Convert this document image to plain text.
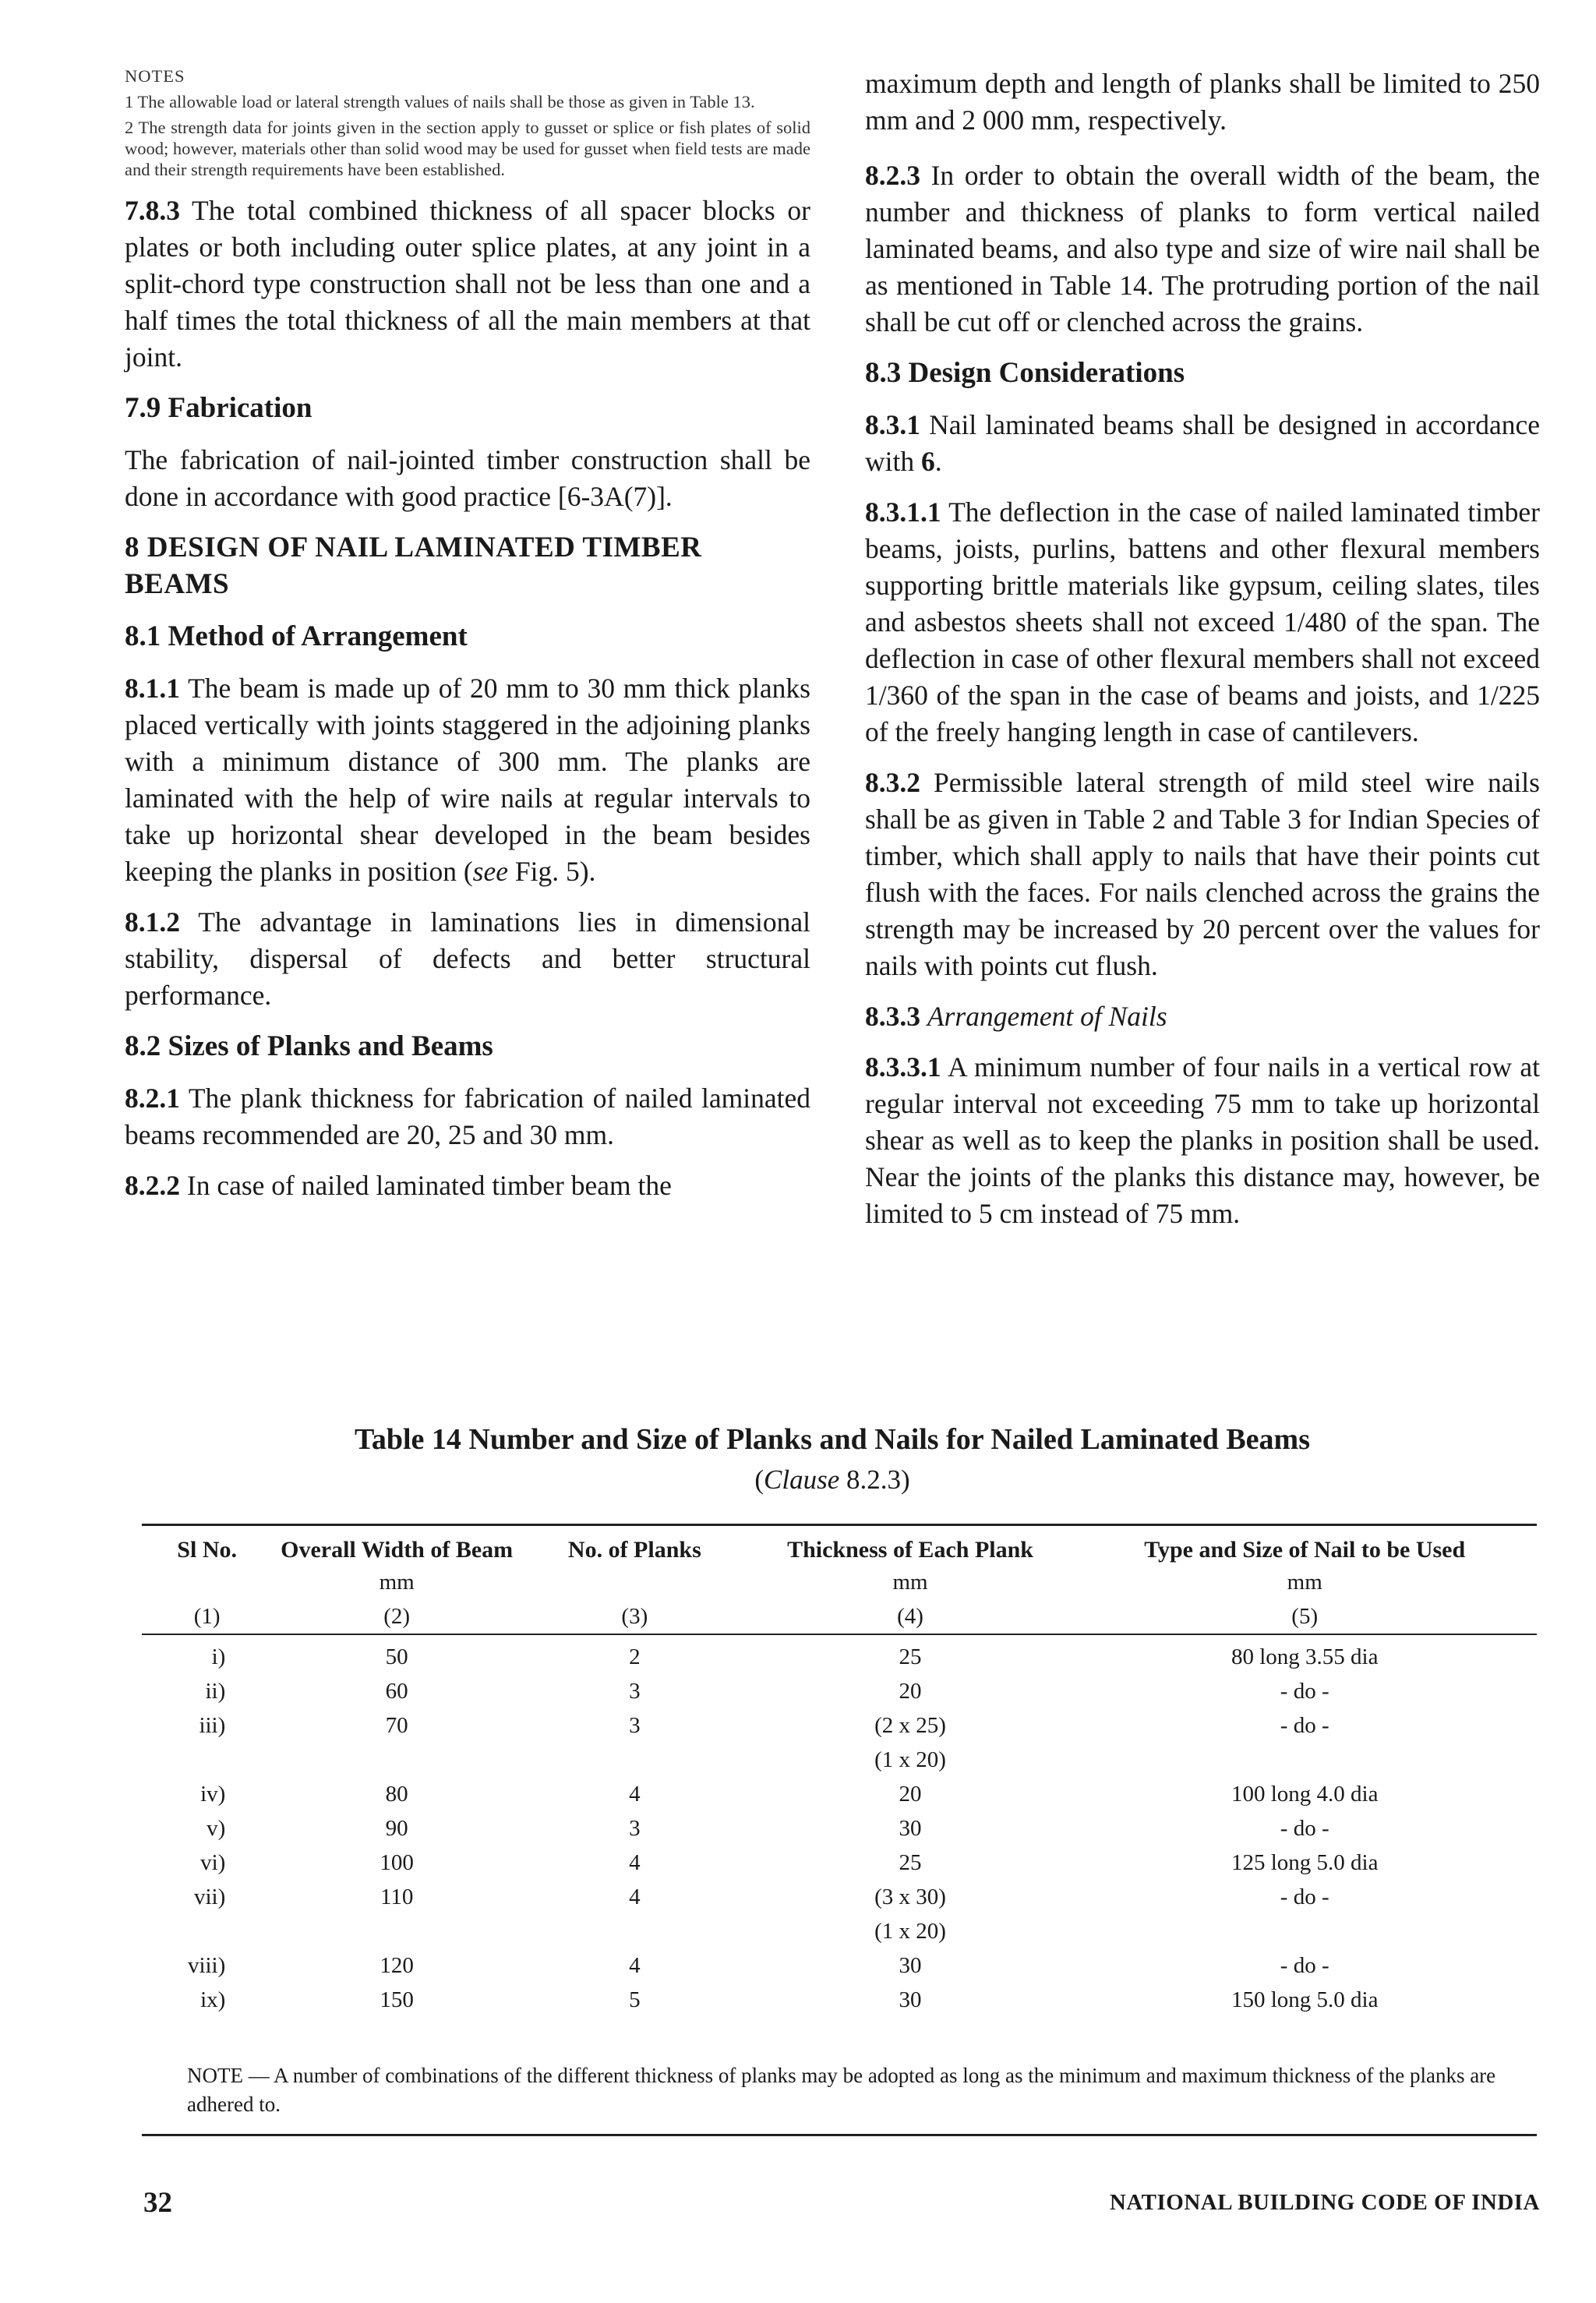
NOTES

1 The allowable load or lateral strength values of nails shall be those as given in Table 13.

2 The strength data for joints given in the section apply to gusset or splice or fish plates of solid wood; however, materials other than solid wood may be used for gusset when field tests are made and their strength requirements have been established.

7.8.3 The total combined thickness of all spacer blocks or plates or both including outer splice plates, at any joint in a split-chord type construction shall not be less than one and a half times the total thickness of all the main members at that joint.

7.9 Fabrication

The fabrication of nail-jointed timber construction shall be done in accordance with good practice [6-3A(7)].

8 DESIGN OF NAIL LAMINATED TIMBER BEAMS
8.1 Method of Arrangement

8.1.1 The beam is made up of 20 mm to 30 mm thick planks placed vertically with joints staggered in the adjoining planks with a minimum distance of 300 mm. The planks are laminated with the help of wire nails at regular intervals to take up horizontal shear developed in the beam besides keeping the planks in position (see Fig. 5).

8.1.2 The advantage in laminations lies in dimensional stability, dispersal of defects and better structural performance.

8.2 Sizes of Planks and Beams

8.2.1 The plank thickness for fabrication of nailed laminated beams recommended are 20, 25 and 30 mm.

8.2.2 In case of nailed laminated timber beam the

maximum depth and length of planks shall be limited to 250 mm and 2 000 mm, respectively.

8.2.3 In order to obtain the overall width of the beam, the number and thickness of planks to form vertical nailed laminated beams, and also type and size of wire nail shall be as mentioned in Table 14. The protruding portion of the nail shall be cut off or clenched across the grains.

8.3 Design Considerations

8.3.1 Nail laminated beams shall be designed in accordance with 6.

8.3.1.1 The deflection in the case of nailed laminated timber beams, joists, purlins, battens and other flexural members supporting brittle materials like gypsum, ceiling slates, tiles and asbestos sheets shall not exceed 1/480 of the span. The deflection in case of other flexural members shall not exceed 1/360 of the span in the case of beams and joists, and 1/225 of the freely hanging length in case of cantilevers.

8.3.2 Permissible lateral strength of mild steel wire nails shall be as given in Table 2 and Table 3 for Indian Species of timber, which shall apply to nails that have their points cut flush with the faces. For nails clenched across the grains the strength may be increased by 20 percent over the values for nails with points cut flush.

8.3.3 Arrangement of Nails

8.3.3.1 A minimum number of four nails in a vertical row at regular interval not exceeding 75 mm to take up horizontal shear as well as to keep the planks in position shall be used. Near the joints of the planks this distance may, however, be limited to 5 cm instead of 75 mm.

Table 14 Number and Size of Planks and Nails for Nailed Laminated Beams
(Clause 8.2.3)
Sl No.	Overall Width of Beam	No. of Planks	Thickness of Each Plank	Type and Size of Nail to be Used
	mm		mm	mm
(1)	(2)	(3)	(4)	(5)

i)	50	2	25	80 long 3.55 dia
ii)	60	3	20	- do -
iii)	70	3	(2 x 25)	- do -
			(1 x 20)	
iv)	80	4	20	100 long 4.0 dia
v)	90	3	30	- do -
vi)	100	4	25	125 long 5.0 dia
vii)	110	4	(3 x 30)	- do -
			(1 x 20)	
viii)	120	4	30	- do -
ix)	150	5	30	150 long 5.0 dia
NOTE — A number of combinations of the different thickness of planks may be adopted as long as the minimum and maximum thickness of the planks are adhered to.
32	NATIONAL BUILDING CODE OF INDIA
